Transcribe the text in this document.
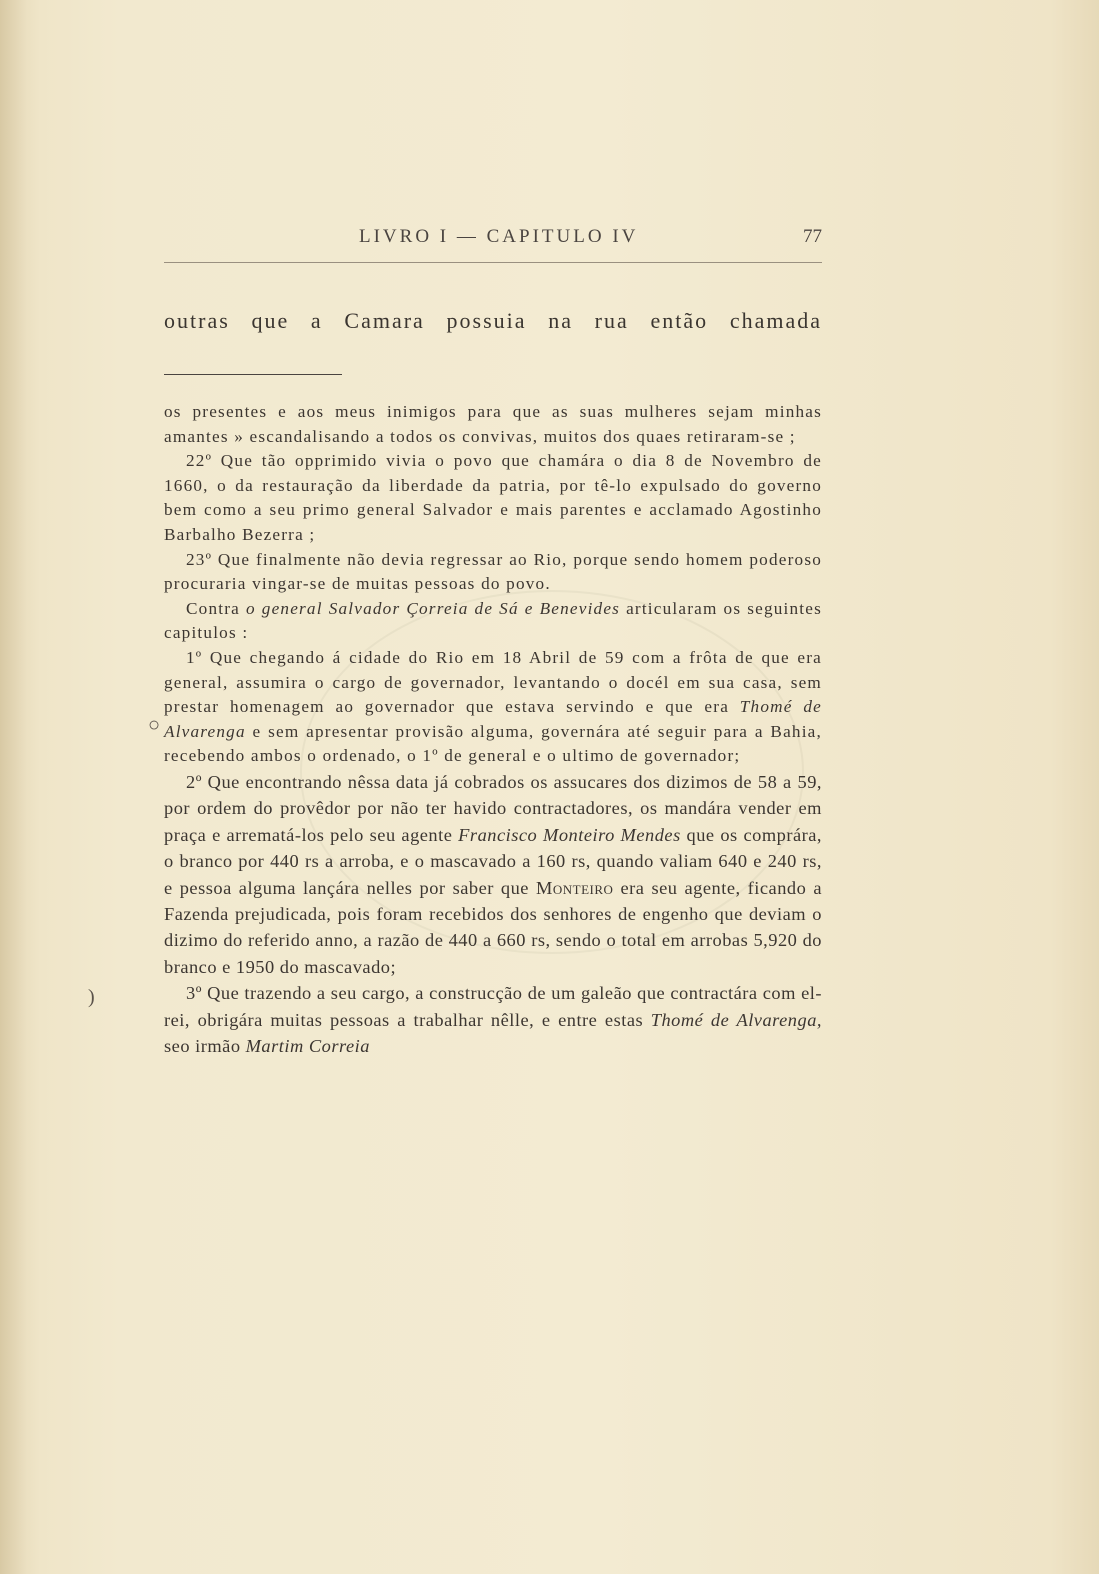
LIVRO I — CAPITULO IV	77
outras que a Camara possuia na rua então chamada

os presentes e aos meus inimigos para que as suas mulheres sejam minhas amantes » escandalisando a todos os convivas, muitos dos quaes retiraram-se ;

22º Que tão opprimido vivia o povo que chamára o dia 8 de Novembro de 1660, o da restauração da liberdade da patria, por tê-lo expulsado do governo bem como a seu primo general Salvador e mais parentes e acclamado Agostinho Barbalho Bezerra ;

23º Que finalmente não devia regressar ao Rio, porque sendo homem poderoso procuraria vingar-se de muitas pessoas do povo.

Contra o general Salvador Çorreia de Sá e Benevides articularam os seguintes capitulos :

1º Que chegando á cidade do Rio em 18 Abril de 59 com a frôta de que era general, assumira o cargo de governador, levantando o docél em sua casa, sem prestar homenagem ao governador que estava servindo e que era Thomé de Alvarenga e sem apresentar provisão alguma, governára até seguir para a Bahia, recebendo ambos o ordenado, o 1º de general e o ultimo de governador;

2º Que encontrando nêssa data já cobrados os assucares dos dizimos de 58 a 59, por ordem do provêdor por não ter havido contractadores, os mandára vender em praça e arrematá-los pelo seu agente Francisco Monteiro Mendes que os comprára, o branco por 440 rs a arroba, e o mascavado a 160 rs, quando valiam 640 e 240 rs, e pessoa alguma lançára nelles por saber que Monteiro era seu agente, ficando a Fazenda prejudicada, pois foram recebidos dos senhores de engenho que deviam o dizimo do referido anno, a razão de 440 a 660 rs, sendo o total em arrobas 5,920 do branco e 1950 do mascavado;

3º Que trazendo a seu cargo, a construcção de um galeão que contractára com el-rei, obrigára muitas pessoas a trabalhar nêlle, e entre estas Thomé de Alvarenga, seo irmão Martim Correia

○
)
